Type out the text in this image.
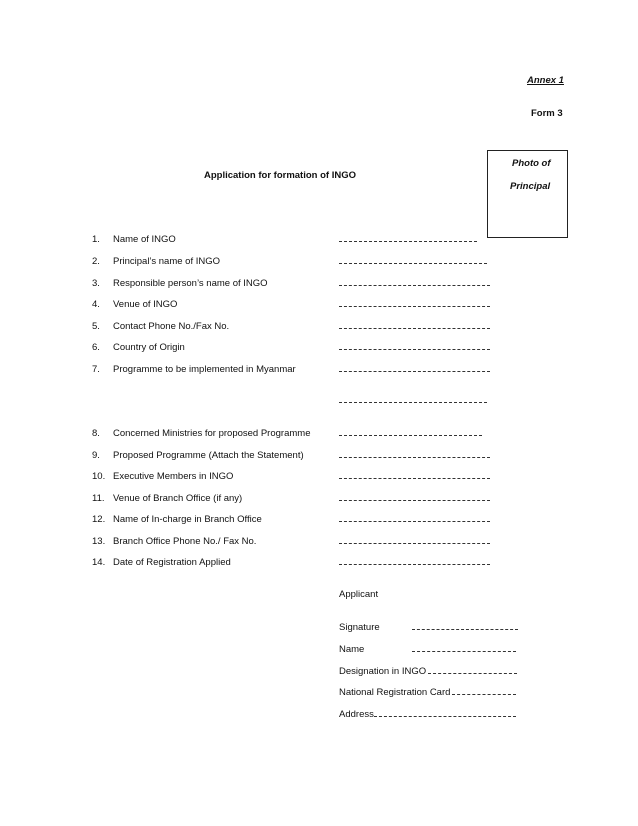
Annex 1
Form 3
Application for formation of INGO
Photo of
Principal
1. Name of INGO
2. Principal’s name of INGO
3. Responsible person’s name of INGO
4. Venue of INGO
5. Contact Phone No./Fax No.
6. Country of Origin
7. Programme to be implemented in Myanmar
8. Concerned Ministries for proposed Programme
9. Proposed Programme (Attach the Statement)
10. Executive Members in INGO
11. Venue of Branch Office (if any)
12. Name of In-charge in Branch Office
13. Branch Office Phone No./ Fax No.
14. Date of Registration Applied
Applicant
Signature
Name
Designation in INGO
National Registration Card
Address
